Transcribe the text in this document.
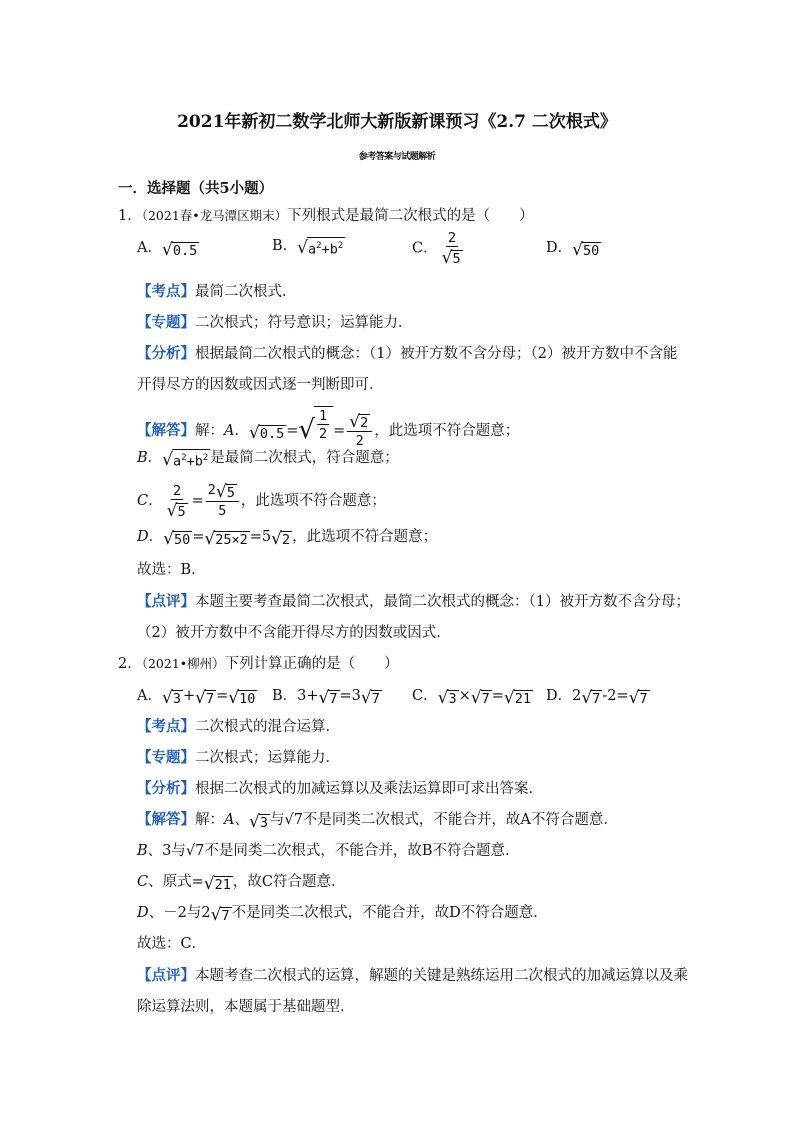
2021年新初二数学北师大新版新课预习《2.7 二次根式》
参考答案与试题解析
一．选择题（共5小题）
1．（2021春•龙马潭区期末）下列根式是最简二次根式的是（　　）
A． √ 0.5	B． √ $a^2+b^2$	C． $\frac{2}{√ 5}$	D． √ 50
【考点】最简二次根式．
【专题】二次根式；符号意识；运算能力．
【分析】根据最简二次根式的概念：（1）被开方数不含分母；（2）被开方数中不含能
开得尽方的因数或因式逐一判断即可．
【解答】解：A． √ 0.5 = √ $\frac{1}{2} = \frac{√ 2}{2}$ ，此选项不符合题意；
B． √ $a^2+b^2$ 是最简二次根式，符合题意；
C． $\frac{2}{√ 5} = \frac{2 √ 5}{5}$ ，此选项不符合题意；
D． √ 50 = √ 25×2 =5 √ 2 ，此选项不符合题意；
故选：B．
【点评】本题主要考查最简二次根式，最简二次根式的概念：（1）被开方数不含分母；
（2）被开方数中不含能开得尽方的因数或因式．
2．（2021•柳州）下列计算正确的是（　　）
A． √ 3 + √ 7 = √ 10 B．3+ √ 7 =3 √ 7 C． √ 3 × √ 7 = √ 21 D．2 √ 7 -2= √ 7
【考点】二次根式的混合运算．
【专题】二次根式；运算能力．
【分析】根据二次根式的加减运算以及乘法运算即可求出答案．
【解答】解：A、 √ 3 与√7不是同类二次根式，不能合并，故A不符合题意．
B、3与√7不是同类二次根式，不能合并，故B不符合题意．
C、原式= √ 21 ，故C符合题意．
D、－2与2 √ 7 不是同类二次根式，不能合并，故D不符合题意．
故选：C．
【点评】本题考查二次根式的运算，解题的关键是熟练运用二次根式的加减运算以及乘
除运算法则，本题属于基础题型．
